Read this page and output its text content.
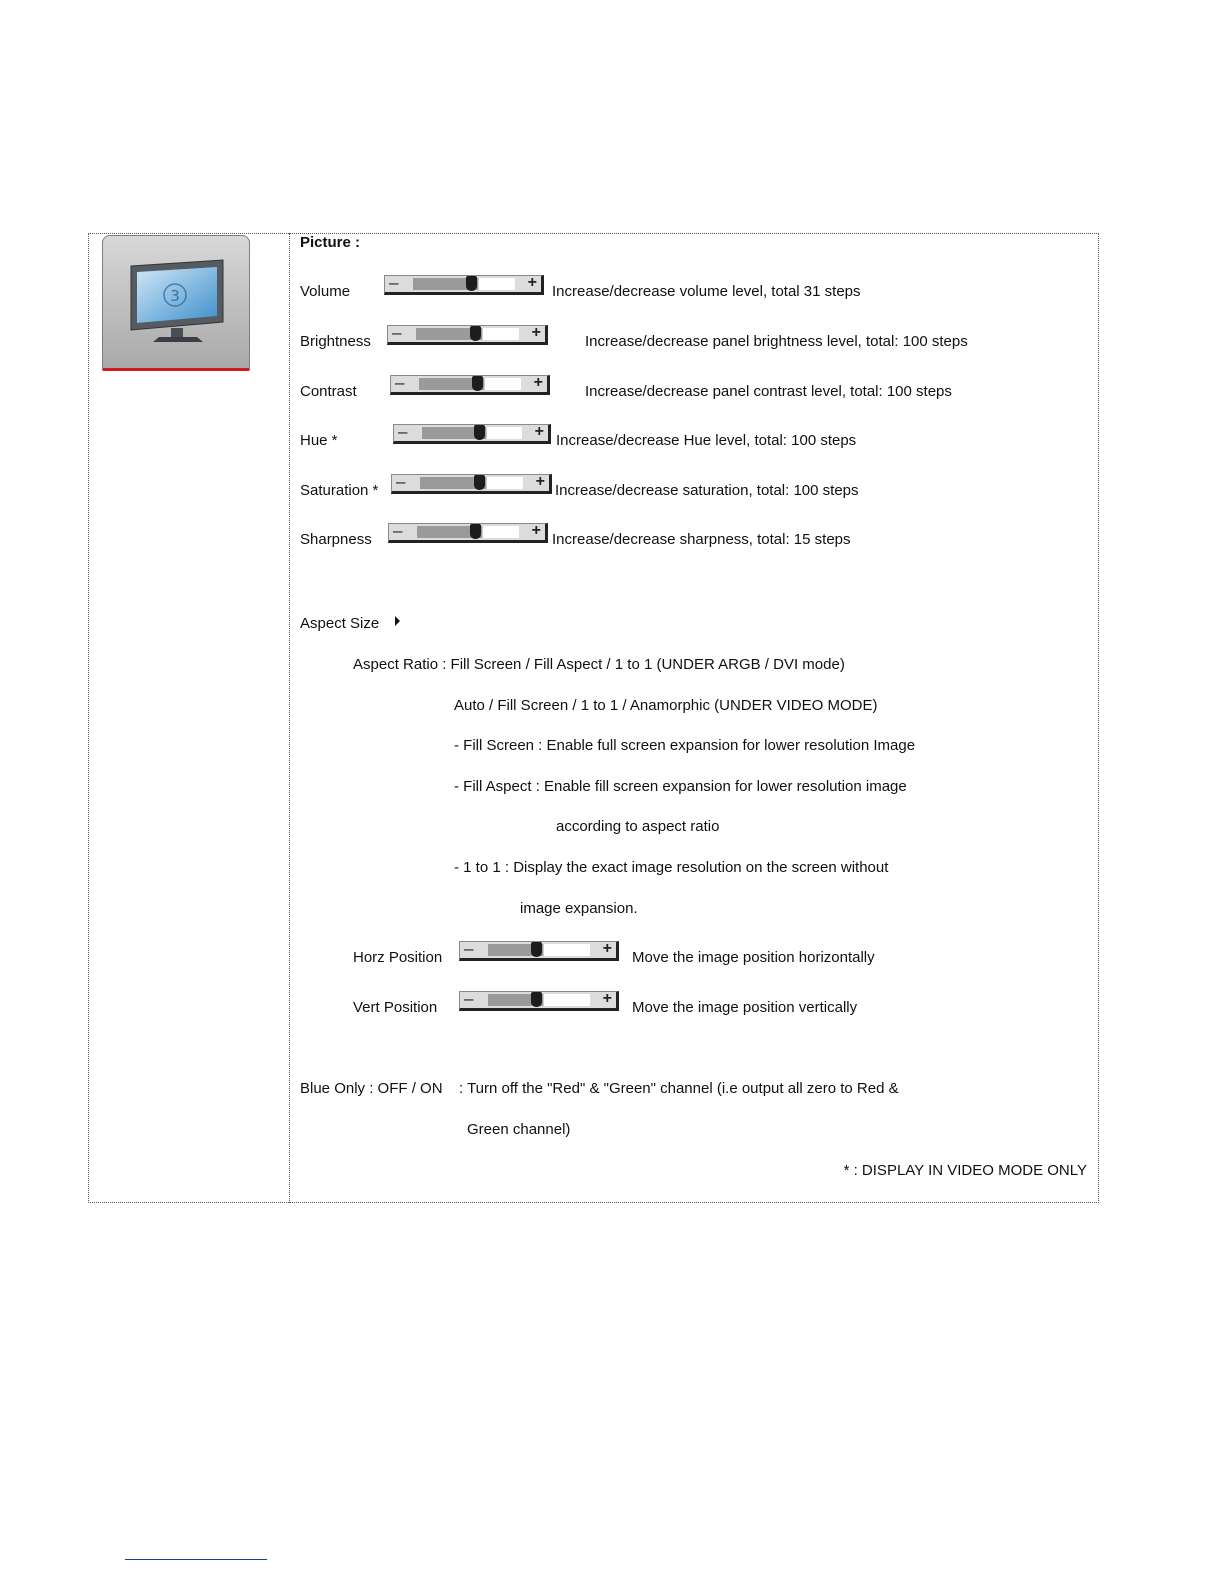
3
Picture :
Volume –	+
Increase/decrease volume level, total 31 steps
Brightness –	+
Increase/decrease panel brightness level, total: 100 steps
Contrast –	+
Increase/decrease panel contrast level, total: 100 steps
Hue *	–	+
Increase/decrease Hue level, total: 100 steps
Saturation * –	+
Increase/decrease saturation, total: 100 steps
Sharpness –	+
Increase/decrease sharpness, total: 15 steps
Aspect Size
Aspect Ratio : Fill Screen / Fill Aspect / 1 to 1 (UNDER ARGB / DVI mode)
Auto / Fill Screen / 1 to 1 / Anamorphic (UNDER VIDEO MODE)
- Fill Screen : Enable full screen expansion for lower resolution Image
- Fill Aspect : Enable fill screen expansion for lower resolution image
according to aspect ratio
- 1 to 1 : Display the exact image resolution on the screen without
image expansion.
Horz Position –	+
Move the image position horizontally
Vert Position –	+
Move the image position vertically
Blue Only : OFF / ON : Turn off the "Red" & "Green" channel (i.e output all zero to Red &
Green channel)
* : DISPLAY IN VIDEO MODE ONLY
